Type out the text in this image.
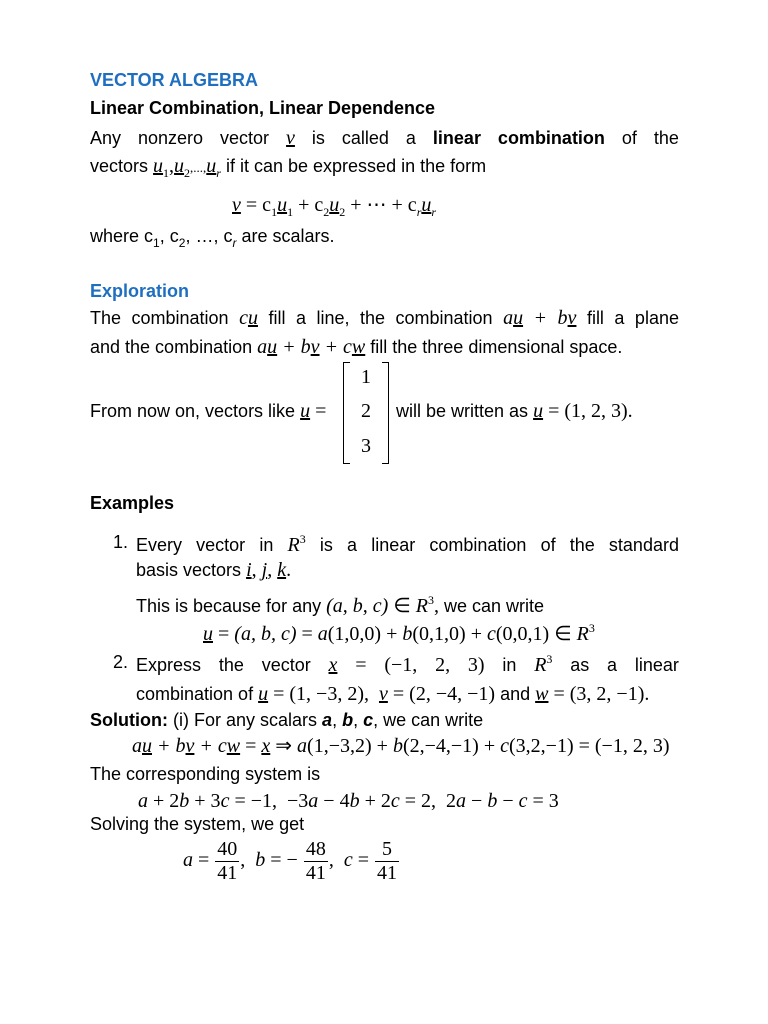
VECTOR ALGEBRA
Linear Combination, Linear Dependence
Any nonzero vector v is called a linear combination of the
vectors $u_1,u_2,...,u_r$ if it can be expressed in the form
$v = c_1u_1 + c_2u_2$ + ⋯ + $c_ru_r$
where $c_1$, $c_2$, …, $c_r$ are scalars.
Exploration
The combination cu fill a line, the combination au + bv fill a plane
and the combination au + bv + cw fill the three dimensional space.
From now on, vectors like u =
1
2
3
will be written as u = (1, 2, 3).
Examples
1. Every vector in $R^3$ is a linear combination of the standard
basis vectors i, j, k.
This is because for any (a, b, c) ∈ $R^3$, we can write
u = (a, b, c) = a(1,0,0) + b(0,1,0) + c(0,0,1) ∈ $R^3$
2. Express the vector x = (−1, 2, 3) in $R^3$ as a linear
combination of u = (1, −3, 2),  v = (2, −4, −1) and w = (3, 2, −1).
Solution: (i) For any scalars a, b, c, we can write
au + bv + cw = x ⇒ a(1,−3,2) + b(2,−4,−1) + c(3,2,−1) = (−1, 2, 3)
The corresponding system is
a + 2b + 3c = −1,  −3a − 4b + 2c = 2,  2a − b − c = 3
Solving the system, we get
$a = \frac{40}{41}$ ,  b = − $\frac{48}{41}$ ,  $c = \frac{5}{41}$
